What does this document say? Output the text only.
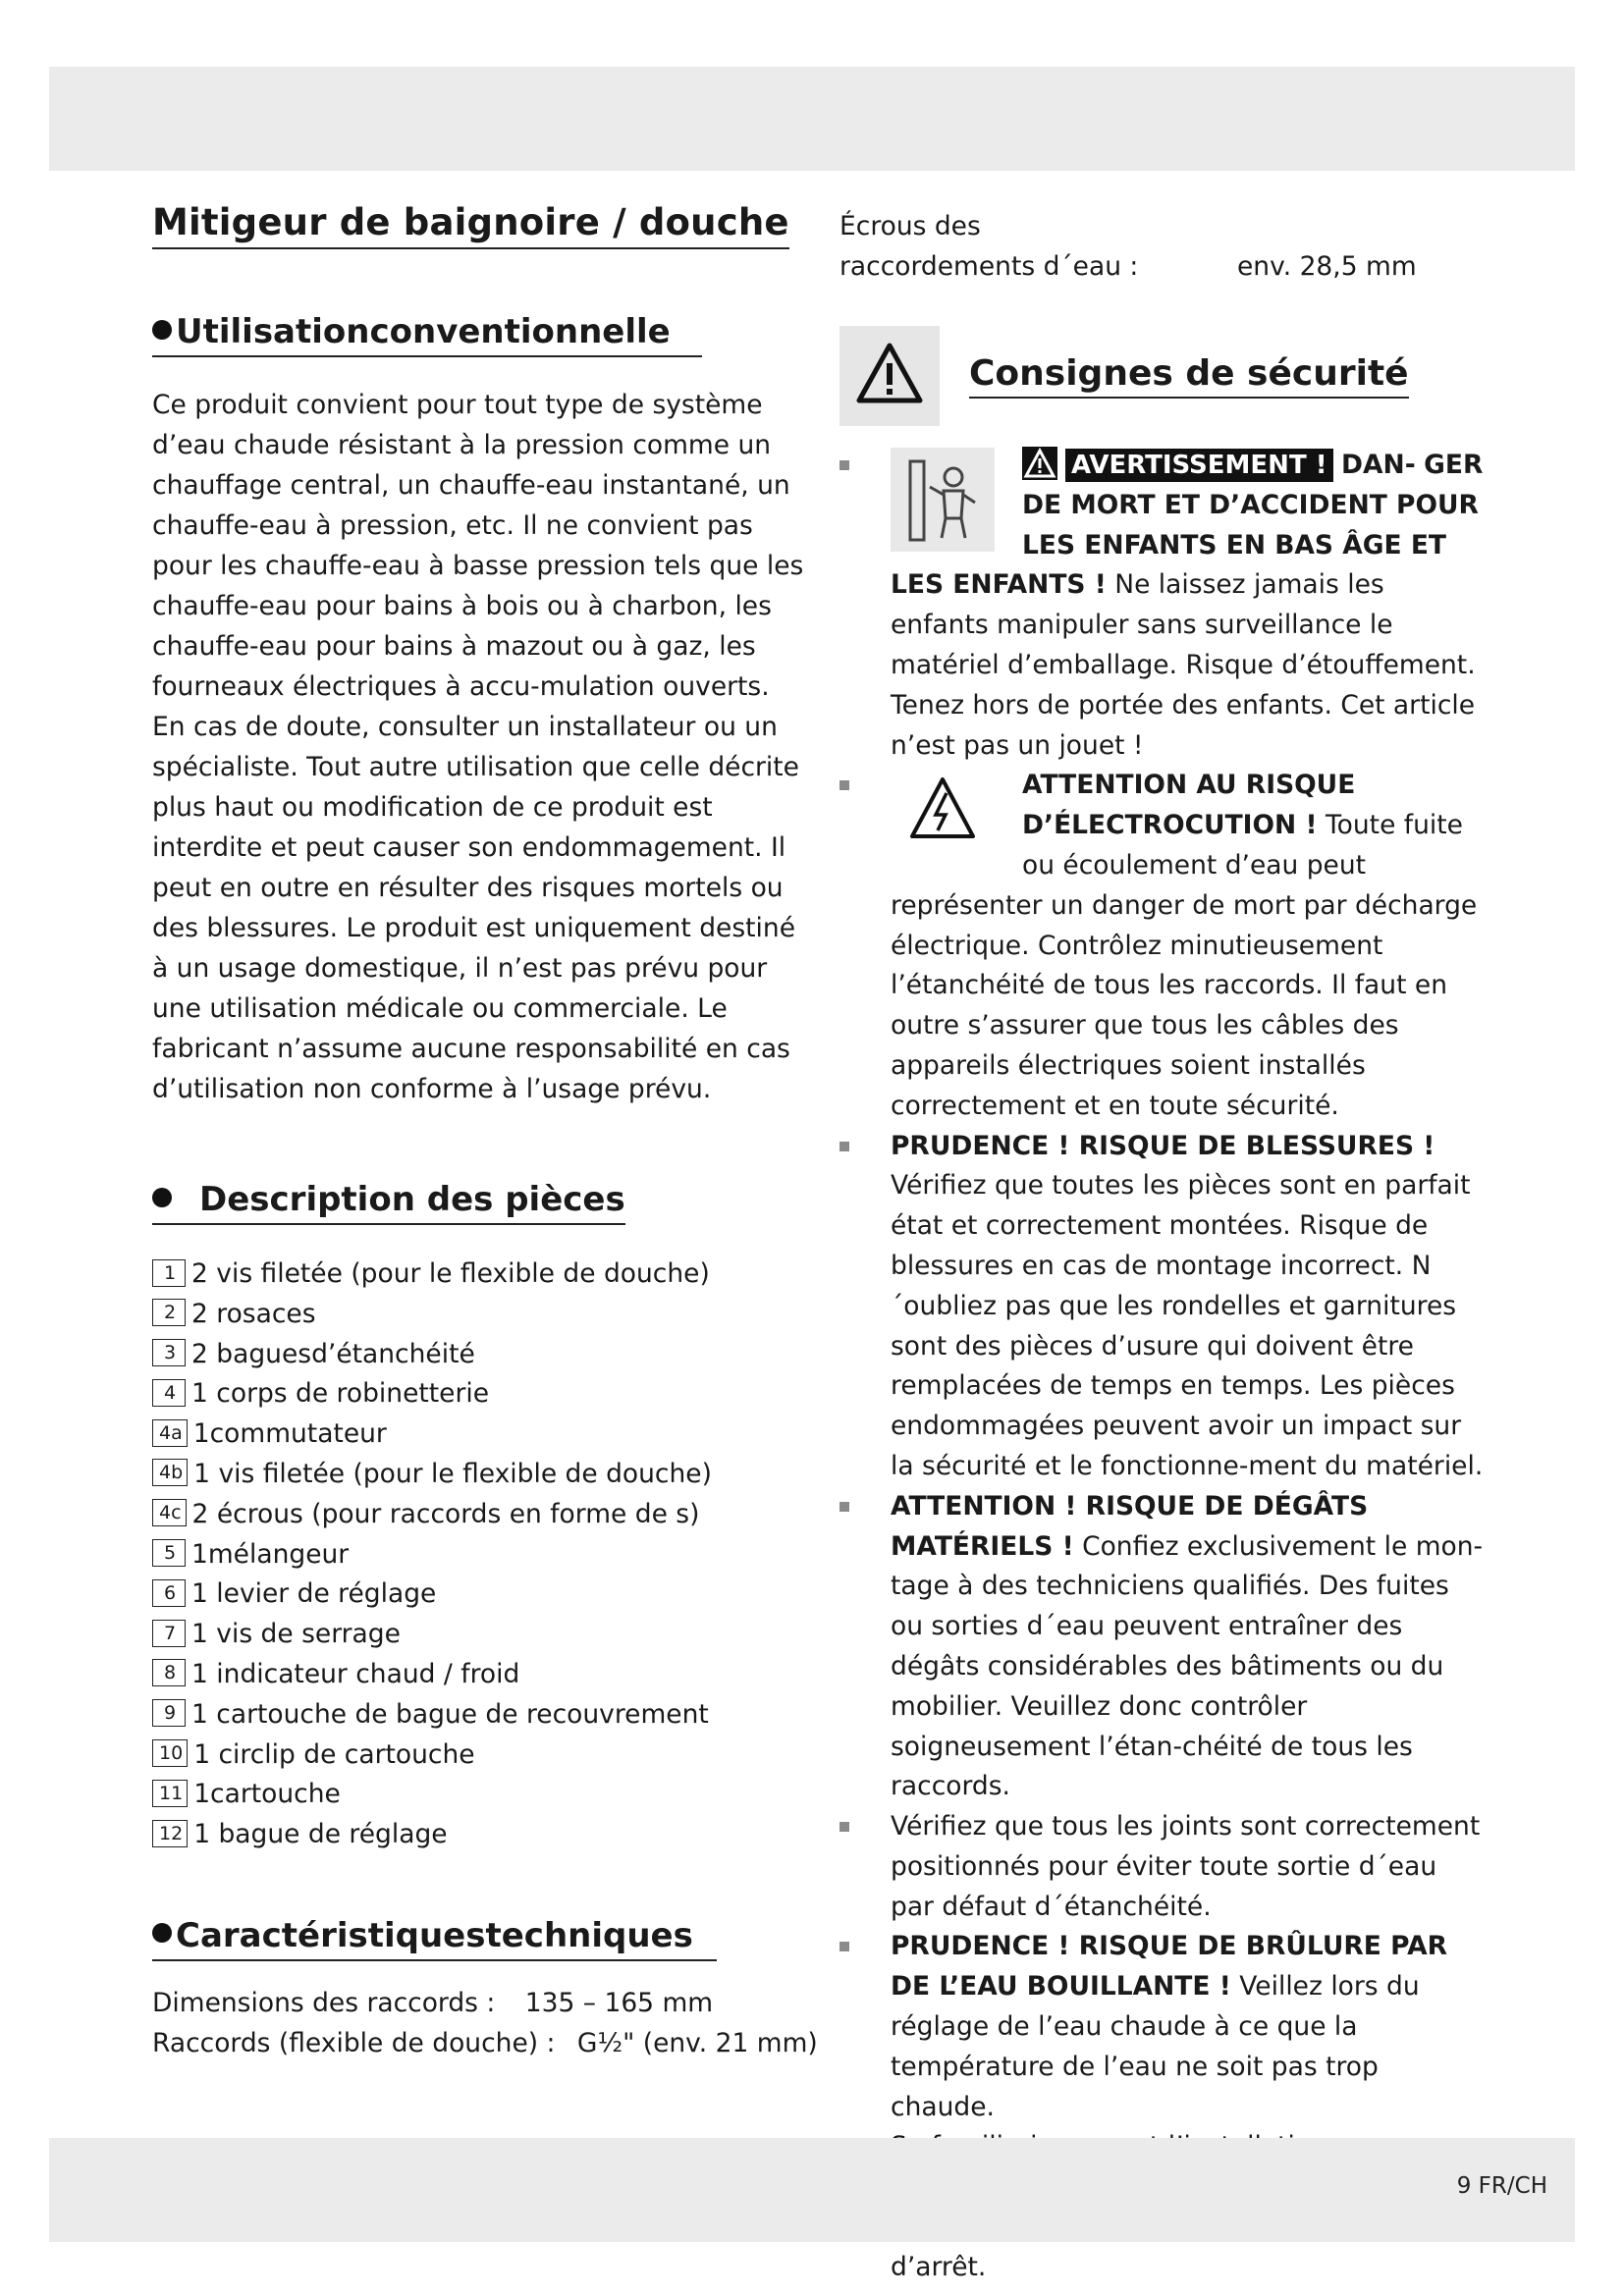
Mitigeur de baignoire / douche
Utilisationconventionnelle

Ce produit convient pour tout type de système d’eau chaude résistant à la pression comme un chauffage central, un chauffe-eau instantané, un chauffe-eau à pression, etc. Il ne convient pas pour les chauffe-eau à basse pression tels que les chauffe-eau pour bains à bois ou à charbon, les chauffe-eau pour bains à mazout ou à gaz, les fourneaux électriques à accu-mulation ouverts. En cas de doute, consulter un installateur ou un spécialiste. Tout autre utilisation que celle décrite plus haut ou modification de ce produit est interdite et peut causer son endommagement. Il peut en outre en résulter des risques mortels ou des blessures. Le produit est uniquement destiné à un usage domestique, il n’est pas prévu pour une utilisation médicale ou commerciale. Le fabricant n’assume aucune responsabilité en cas d’utilisation non conforme à l’usage prévu.

Description des pièces
1 2 vis filetée (pour le flexible de douche)
2 2 rosaces
3 2 baguesd’étanchéité
4 1 corps de robinetterie
4a 1commutateur
4b 1 vis filetée (pour le flexible de douche)
4c 2 écrous (pour raccords en forme de s)
5 1mélangeur
6 1 levier de réglage
7 1 vis de serrage
8 1 indicateur chaud / froid
9 1 cartouche de bague de recouvrement
10 1 circlip de cartouche
11 1cartouche
12 1 bague de réglage
Caractéristiquestechniques
Dimensions des raccords : 135 – 165 mm
Raccords (flexible de douche) : G½" (env. 21 mm)
Écrous des
raccordements d´eau :	env. 28,5 mm
Consignes de sécurité
AVERTISSEMENT ! DAN- GER DE MORT ET D’ACCIDENT POUR LES ENFANTS EN BAS ÂGE ET LES ENFANTS ! Ne laissez jamais les enfants manipuler sans surveillance le matériel d’emballage. Risque d’étouffement. Tenez hors de portée des enfants. Cet article n’est pas un jouet !
ATTENTION AU RISQUE D’ÉLECTROCUTION ! Toute fuite ou écoulement d’eau peut représenter un danger de mort par décharge électrique. Contrôlez minutieusement l’étanchéité de tous les raccords. Il faut en outre s’assurer que tous les câbles des appareils électriques soient installés correctement et en toute sécurité.
PRUDENCE ! RISQUE DE BLESSURES !
Vérifiez que toutes les pièces sont en parfait état et correctement montées. Risque de blessures en cas de montage incorrect. N´oubliez pas que les rondelles et garnitures sont des pièces d’usure qui doivent être remplacées de temps en temps. Les pièces endommagées peuvent avoir un impact sur la sécurité et le fonctionne-ment du matériel.
ATTENTION ! RISQUE DE DÉGÂTS MATÉRIELS ! Confiez exclusivement le mon-tage à des techniciens qualifiés. Des fuites ou sorties d´eau peuvent entraîner des dégâts considérables des bâtiments ou du mobilier. Veuillez donc contrôler soigneusement l’étan-chéité de tous les raccords.
Vérifiez que tous les joints sont correctement positionnés pour éviter toute sortie d´eau par défaut d´étanchéité.
PRUDENCE ! RISQUE DE BRÛLURE PAR DE L’EAU BOUILLANTE ! Veillez lors du réglage de l’eau chaude à ce que la température de l’eau ne soit pas trop chaude.
d’arrêt.
9 FR/CH
